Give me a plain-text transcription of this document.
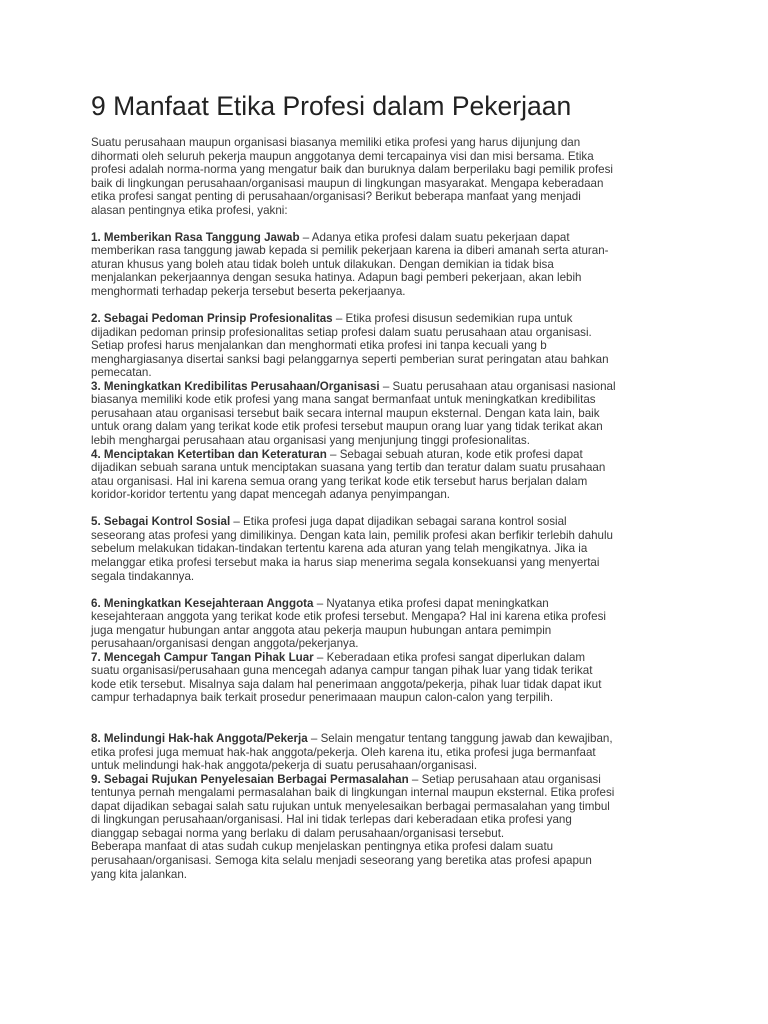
9 Manfaat Etika Profesi dalam Pekerjaan

Suatu perusahaan maupun organisasi biasanya memiliki etika profesi yang harus dijunjung dan

dihormati oleh seluruh pekerja maupun anggotanya demi tercapainya visi dan misi bersama. Etika

profesi adalah norma-norma yang mengatur baik dan buruknya dalam berperilaku bagi pemilik profesi

baik di lingkungan perusahaan/organisasi maupun di lingkungan masyarakat. Mengapa keberadaan

etika profesi sangat penting di perusahaan/organisasi? Berikut beberapa manfaat yang menjadi

alasan pentingnya etika profesi, yakni:

1. Memberikan Rasa Tanggung Jawab – Adanya etika profesi dalam suatu pekerjaan dapat

memberikan rasa tanggung jawab kepada si pemilik pekerjaan karena ia diberi amanah serta aturan-

aturan khusus yang boleh atau tidak boleh untuk dilakukan. Dengan demikian ia tidak bisa

menjalankan pekerjaannya dengan sesuka hatinya. Adapun bagi pemberi pekerjaan, akan lebih

menghormati terhadap pekerja tersebut beserta pekerjaanya.

2. Sebagai Pedoman Prinsip Profesionalitas – Etika profesi disusun sedemikian rupa untuk

dijadikan pedoman prinsip profesionalitas setiap profesi dalam suatu perusahaan atau organisasi.

Setiap profesi harus menjalankan dan menghormati etika profesi ini tanpa kecuali yang b

menghargiasanya disertai sanksi bagi pelanggarnya seperti pemberian surat peringatan atau bahkan

pemecatan.

3. Meningkatkan Kredibilitas Perusahaan/Organisasi – Suatu perusahaan atau organisasi nasional

biasanya memiliki kode etik profesi yang mana sangat bermanfaat untuk meningkatkan kredibilitas

perusahaan atau organisasi tersebut baik secara internal maupun eksternal. Dengan kata lain, baik

untuk orang dalam yang terikat kode etik profesi tersebut maupun orang luar yang tidak terikat akan

lebih menghargai perusahaan atau organisasi yang menjunjung tinggi profesionalitas.

4. Menciptakan Ketertiban dan Keteraturan – Sebagai sebuah aturan, kode etik profesi dapat

dijadikan sebuah sarana untuk menciptakan suasana yang tertib dan teratur dalam suatu prusahaan

atau organisasi. Hal ini karena semua orang yang terikat kode etik tersebut harus berjalan dalam

koridor-koridor tertentu yang dapat mencegah adanya penyimpangan.

5. Sebagai Kontrol Sosial – Etika profesi juga dapat dijadikan sebagai sarana kontrol sosial

seseorang atas profesi yang dimilikinya. Dengan kata lain, pemilik profesi akan berfikir terlebih dahulu

sebelum melakukan tidakan-tindakan tertentu karena ada aturan yang telah mengikatnya. Jika ia

melanggar etika profesi tersebut maka ia harus siap menerima segala konsekuansi yang menyertai

segala tindakannya.

6. Meningkatkan Kesejahteraan Anggota – Nyatanya etika profesi dapat meningkatkan

kesejahteraan anggota yang terikat kode etik profesi tersebut. Mengapa? Hal ini karena etika profesi

juga mengatur hubungan antar anggota atau pekerja maupun hubungan antara pemimpin

perusahaan/organisasi dengan anggota/pekerjanya.

7. Mencegah Campur Tangan Pihak Luar – Keberadaan etika profesi sangat diperlukan dalam

suatu organisasi/perusahaan guna mencegah adanya campur tangan pihak luar yang tidak terikat

kode etik tersebut. Misalnya saja dalam hal penerimaan anggota/pekerja, pihak luar tidak dapat ikut

campur terhadapnya baik terkait prosedur penerimaaan maupun calon-calon yang terpilih.

8. Melindungi Hak-hak Anggota/Pekerja – Selain mengatur tentang tanggung jawab dan kewajiban,

etika profesi juga memuat hak-hak anggota/pekerja. Oleh karena itu, etika profesi juga bermanfaat

untuk melindungi hak-hak anggota/pekerja di suatu perusahaan/organisasi.

9. Sebagai Rujukan Penyelesaian Berbagai Permasalahan – Setiap perusahaan atau organisasi

tentunya pernah mengalami permasalahan baik di lingkungan internal maupun eksternal. Etika profesi

dapat dijadikan sebagai salah satu rujukan untuk menyelesaikan berbagai permasalahan yang timbul

di lingkungan perusahaan/organisasi. Hal ini tidak terlepas dari keberadaan etika profesi yang

dianggap sebagai norma yang berlaku di dalam perusahaan/organisasi tersebut.

Beberapa manfaat di atas sudah cukup menjelaskan pentingnya etika profesi dalam suatu

perusahaan/organisasi. Semoga kita selalu menjadi seseorang yang beretika atas profesi apapun

yang kita jalankan.
